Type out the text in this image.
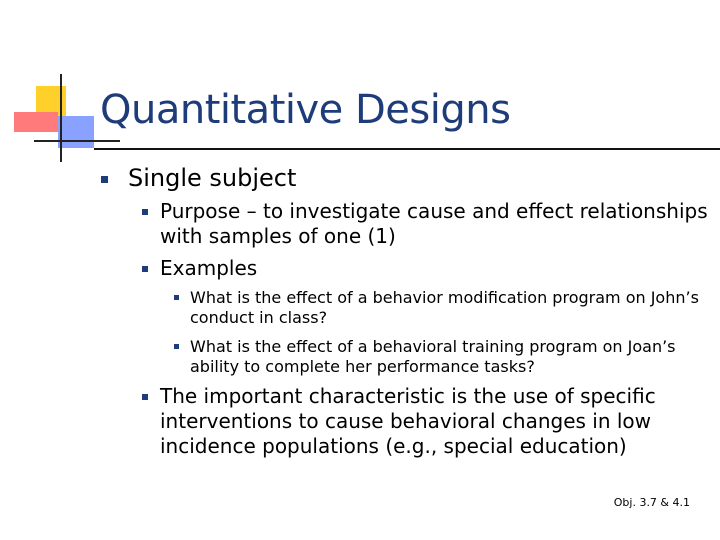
Quantitative Designs
Single subject
Purpose – to investigate cause and effect relationships with samples of one (1)
Examples
What is the effect of a behavior modification program on John’s conduct in class?
What is the effect of a behavioral training program on Joan’s ability to complete her performance tasks?
The important characteristic is the use of specific interventions to cause behavioral changes in low incidence populations (e.g., special education)
Obj. 3.7 & 4.1
